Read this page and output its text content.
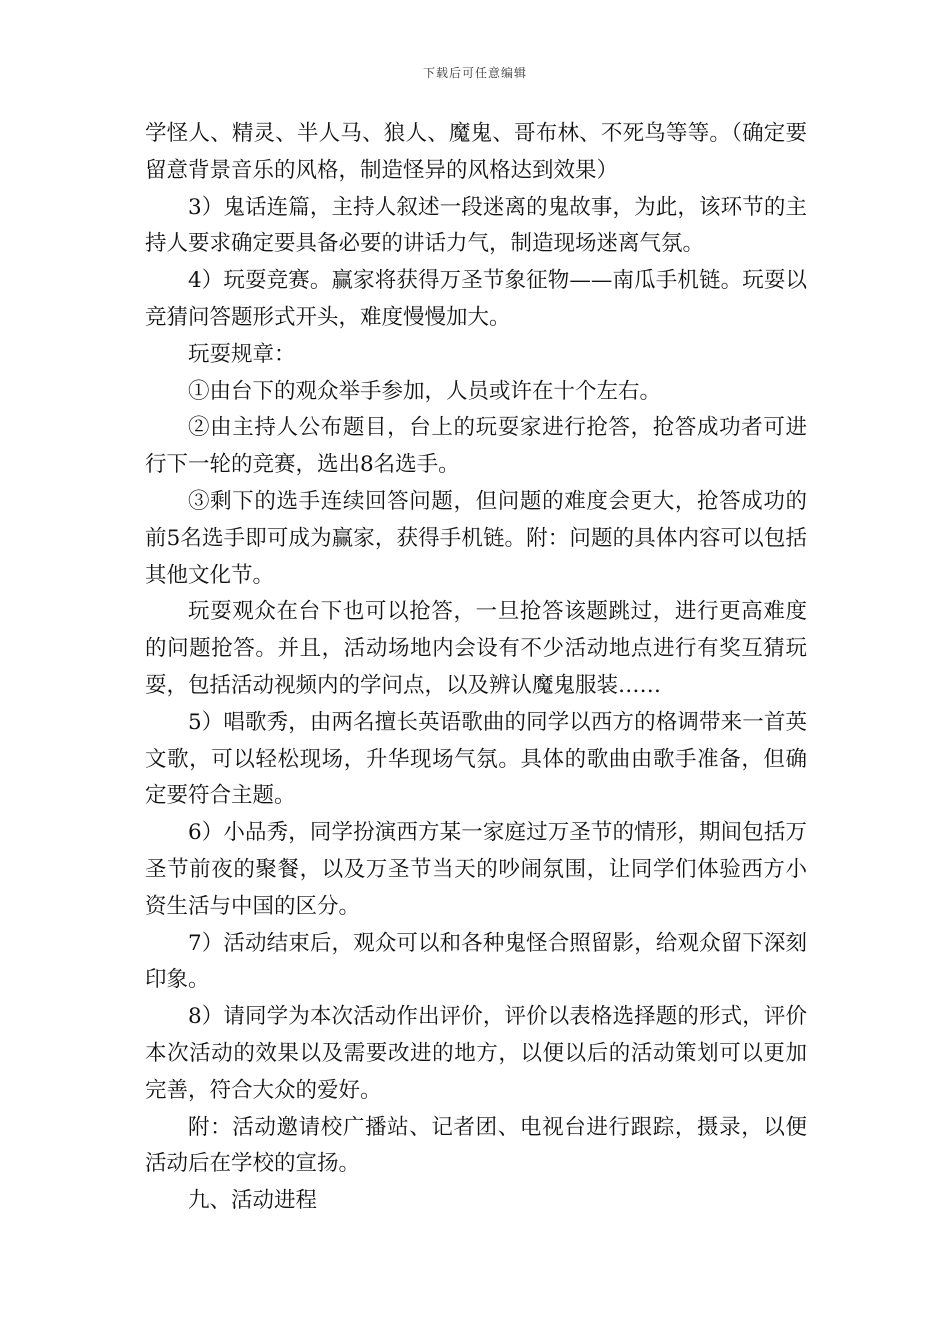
下载后可任意编辑

学怪人、精灵、半人马、狼人、魔鬼、哥布林、不死鸟等等。（确定要留意背景音乐的风格，制造怪异的风格达到效果）

3）鬼话连篇，主持人叙述一段迷离的鬼故事，为此，该环节的主持人要求确定要具备必要的讲话力气，制造现场迷离气氛。

4）玩耍竞赛。赢家将获得万圣节象征物——南瓜手机链。玩耍以竞猜问答题形式开头，难度慢慢加大。

玩耍规章：

①由台下的观众举手参加，人员或许在十个左右。

②由主持人公布题目，台上的玩耍家进行抢答，抢答成功者可进行下一轮的竞赛，选出8名选手。

③剩下的选手连续回答问题，但问题的难度会更大，抢答成功的前5名选手即可成为赢家，获得手机链。附：问题的具体内容可以包括其他文化节。

玩耍观众在台下也可以抢答，一旦抢答该题跳过，进行更高难度的问题抢答。并且，活动场地内会设有不少活动地点进行有奖互猜玩耍，包括活动视频内的学问点，以及辨认魔鬼服装……

5）唱歌秀，由两名擅长英语歌曲的同学以西方的格调带来一首英文歌，可以轻松现场，升华现场气氛。具体的歌曲由歌手准备，但确定要符合主题。

6）小品秀，同学扮演西方某一家庭过万圣节的情形，期间包括万圣节前夜的聚餐，以及万圣节当天的吵闹氛围，让同学们体验西方小资生活与中国的区分。

7）活动结束后，观众可以和各种鬼怪合照留影，给观众留下深刻印象。

8）请同学为本次活动作出评价，评价以表格选择题的形式，评价本次活动的效果以及需要改进的地方，以便以后的活动策划可以更加完善，符合大众的爱好。

附：活动邀请校广播站、记者团、电视台进行跟踪，摄录，以便活动后在学校的宣扬。

九、活动进程
